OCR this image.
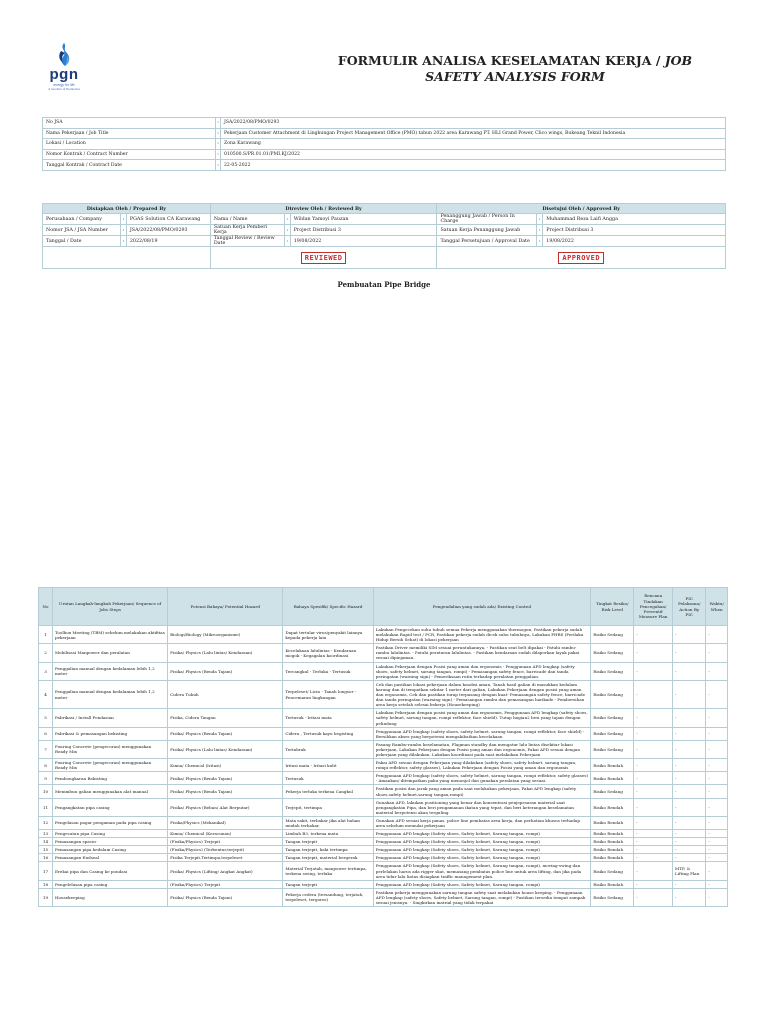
pgn
energy for life
A member of Pertamina
FORMULIR ANALISA KESELAMATAN KERJA / JOB
SAFETY ANALYSIS FORM
No JSA	:	JSA/2022/08/PMO/0293
Nama Pekerjaan / Job Title	:	Pekerjaan Customer Attachment di Lingkungan Project Management Office (PMO) tahun 2022 area Karawang PT. HLI Grand Power, Clico wings, Bukeang Teknil Indonesia
Lokasi / Location	:	Zona Karawang
Nomor Kontrak / Contract Number	:	010500.S/PR.01.01/PMI.KJ/2022
Tanggal Kontrak / Contract Date	:	22-05-2022
Disiapkan Oleh / Prepared By			Direview Oleh / Reviewed By			Disetujui Oleh / Approved By		
Perusahaan / Company	:	PGAS Solution CA Karawang	Nama / Name	:	Wildan Yamoyi Pauzan	Penanggung Jawab / Person In Charge	:	Muhammad Reza Laifi Angga
Nomor JSA / JSA Number	:	JSA/2022/08/PMO/0293	Satuan Kerja Pemberi Kerja	:	Project Distribusi 3	Satuan Kerja Penanggung Jawab	:	Project Distribusi 3
Tanggal / Date	:	2022/08/19	Tanggal Review / Review Date	:	19/08/2022	Tanggal Persetujuan / Approval Date	:	19/08/2022
			REVIEWED			APPROVED		
Pembuatan Pipe Bridge
No	Urutan Langkah-langkah Pekerjaan/ Sequence of Jobs Steps	Potensi Bahaya/ Potential Hazard	Bahaya Spesifik/ Specific Hazard	Pengendalian yang sudah ada/ Existing Control	Tingkat Resiko/ Risk Level	Rencana Tindakan Pencegahan/ Preventif Measure Plan	PIC Pelaksana/ Action By PIC	Waktu/ When
1	Toolbox Meeting (TBM) sebelum melakukan aktifitas pekerjaan	Biologi/Biology (Mikroorganisme)	Dapat tertular virus/penyakit lainnya kepada pekerja lain	Lakukan Pengecekan suhu tubuh semua Pekerja menggunakan thermogun, Pastikan pekerja sudah melakukan Rapid test / PCR, Pastikan pekerja sudah dicek suhu tubuhnya, Lakukan PHBS (Perilaku Hidup Bersih Sehat) di lokasi pekerjaan	Risiko Sedang	-	-	-
2	Mobilisasi Manpower dan peralatan	Fisika/ Physics (Lalu lintas/ Kendaraan)	Kecelakaan lalulintas - Kendaraan mogok - Kegagalan koordinasi	Pastikan Driver memiliki SIM sesuai peruntukannya. - Pastikan seat belt dipakai - Patuhi rambu-rambu lalulintas. - Patuhi peraturan lalulintas. - Pastikan kendaraan sudah dilaporkan layak pakai sesuai dipinjaman.	Risiko Sedang	-	-	-
3	Penggalian manual dengan kedalaman lebih 1,2 meter	Fisika/ Physics (Benda Tajam)	Tercangkul - Terluka - Tertusuk	Lakukan Pekerjaan dengan Posisi yang aman dan ergonomis - Penggunaan APD lengkap (safety shoes, safety helmet, sarung tangan, rompi) - Pemasangan safety fence, barricade dan tanda peringatan (warning sign) - Pemeriksaan rutin terhadap peralatan penggalian.	Risiko Sedang	-	-	-
4	Penggalian manual dengan kedalaman lebih 1,2 meter	Cidera Tubuh	Terpeleset/ Licin - Tanah longsor - Pencemaran lingkungan	Cek dan pastikan lokasi pekerjaan dalam kondisi aman, Tanah hasil galian di masukkan kedalam karung dan di tempatkan sekitar 1 meter dari galian, Lakukan Pekerjaan dengan posisi yang aman dan ergonomis, Cek dan pastikan turap terpasang dengan kuat- Pemasangan safety fence, barricade dan tanda peringatan (warning sign) - Pemasangan rambu dan pemasangan barikade - Pembersihan area kerja setelah selesai bekerja (Housekeeping)	Risiko Sedang	-	-	-
5	Pabrikasi / Install Pondasian	Fisika, Cidera Tangan	Tertusuk - Iritasi mata	Lakukan Pekerjaan dengan posisi yang aman dan ergonomis, Penggunaan APD lengkap (safety shoes, safety helmet, sarung tangan, rompi reflektor, face shield). Tutup bagian2 besi yang tajam dengan pelindung	Risiko Sedang	-	-	-
6	Pabrikasi & pemasangan bekisting	Fisika/ Physics (Benda Tajam)	Cidera , Tertusuk kayu begisting	Penggunaan APD lengkap (safety shoes, safety helmet, sarung tangan, rompi reflektor, face shield) - Bersihkan akses yang berpotensi mengakibatkan kecelakaan	Risiko Sedang	-	-	-
7	Pouring Concrete (pengecoran) menggunakan Ready Mix	Fisika/ Physics (Lalu lintas/ Kendaraan)	Tertabrak	Pasang Rambu-rambu keselamatan, Flagman standby dan mengatur lalu lintas disekitar lokasi pekerjaan, Lakukan Pekerjaan dengan Posisi yang aman dan ergonomis, Pakai APD sesuai dengan pekerjaan yang dilakukan, Lakukan koordinasi pada saat melakukan Pekerjaan	Risiko Sedang	-	-	-
8	Pouring Concrete (pengecoran) menggunakan Ready Mix	Kimia/ Chemical (Iritasi)	Iritasi mata - Iritasi kulit	Pakai APD sesuai dengan Pekerjaan yang dilakukan (safety shoes, safety helmet, sarung tangan, rompi reflektor, safety glasses), Lakukan Pekerjaan dengan Posisi yang aman dan ergonomis	Risiko Rendah	-	-	-
9	Pembongkaran Bekisting	Fisika/ Physics (Benda Tajam)	Tertusuk	Penggunaan APD lengkap (safety shoes, safety helmet, sarung tangan, rompi reflektor, safety glasses) - Amankan/ ditempatkan paku yang menonjol dan gunakan peralatan yang sesuai.	Risiko Rendah	-	-	-
10	Menimbun galian menggunakan alat manual	Fisika/ Physics (Benda Tajam)	Pekerja terluka terkena Cangkul	Pastikan posisi dan jarak yang aman pada saat melakukan pekerjaan, Pakai APD lengkap (safety shoes,safety helmet,sarung tangan,rompi)	Risiko Sedang	-	-	-
11	Pengangkatan pipa casing	Fisika/ Physics (Beban/ Alat Berputar)	Terjepit, tertimpa	Gunakan APD, lakukan positioning yang benar dan konsentrasi penjepesaran material saat pengangkatan Pipa, dan beri pengamanan ikatan yang tepat, dan beri keterangan keselamatan material berpotensi akan terguling.	Risiko Rendah	-	-	-
12	Pengelasan pagar pengaman pada pipa casing	Fisika/Physics (Mekanikal)	Mata sakit, terbakar jika alat bahan mudah terbakar,	Gunakan APD sesuai kerja panas, police line pembatas area kerja, dan perhatian khusus terhadap area sebelum memulai pekerjaan	Risiko Rendah	-	-	-
13	Pengecatan pipa Casing	Kimia/ Chemical (Keracunan)	Limbah B3, terkena mata	Penggunaan APD lengkap (Safety shoes, Safety helmet, Sarung tangan, rompi)	Risiko Rendah	-	-	-
14	Pemasangan spacer	(Fisika/Physics) Terjepit	Tangan terjepit	Penggunaan APD lengkap (Safety shoes, Safety helmet, Sarung tangan, rompi)	Risiko Rendah	-	-	-
15	Pemasangan pipa kedalam Casing	(Fisika/Physics) (Terbentur,terjepit)	Tangan terjepit, kaki tertimpa	Penggunaan APD lengkap (Safety shoes, Safety helmet, Sarung tangan, rompi)	Risiko Rendah	-	-	-
16	Pemasangan Endseal	Fisika Terjepit,Tertimpa,terpeleset	Tangan terjepit, material bergerak	Penggunaan APD lengkap (Safety shoes, Safety helmet, Sarung tangan, rompi)	Risiko Rendah	-	-	-
17	Erekai pipa dan Casing ke pondasi	Fisika/ Physics (Lifting/ Angkat Angkat)	Material Terjatuh, manpower tertimpa, terkena swing, terluka	Penggunaan APD lengkap (Safety shoes, Safety helmet, Sarung tangan, rompi), moving-swing dan perlelakan harus ada rigger skat, memasang pembatas police line untuk area lifting, dan jika pada area tidur lalu lintas disiapkan traffic management plan.	Risiko Sedang	-	MTP, & Lifting Plan	-
18	Pengelelasan pipa casing	(Fisika/Physics) Terjepit	Tangan terjepit	Penggunaan APD lengkap (Safety shoes, Safety helmet, Sarung tangan, rompi)	Risiko Rendah	-	-	-
19	Housekeeping	Fisika/ Physics (Benda Tajam)	Pekerja cedera (tersandung, terjatuh, terpeleset, tergores)	Pastikan pekerja menggunakan sarung tangan safety saat melakukan house keeping. - Penggunaan APD lengkap (safety shoes, Safety helmet, Sarung tangan, rompi) - Pastikan tersedia tempat sampah sesuai jenisnya. - Singkirkan matrial yang tidak terpakai	Risiko Sedang	-	-	-
